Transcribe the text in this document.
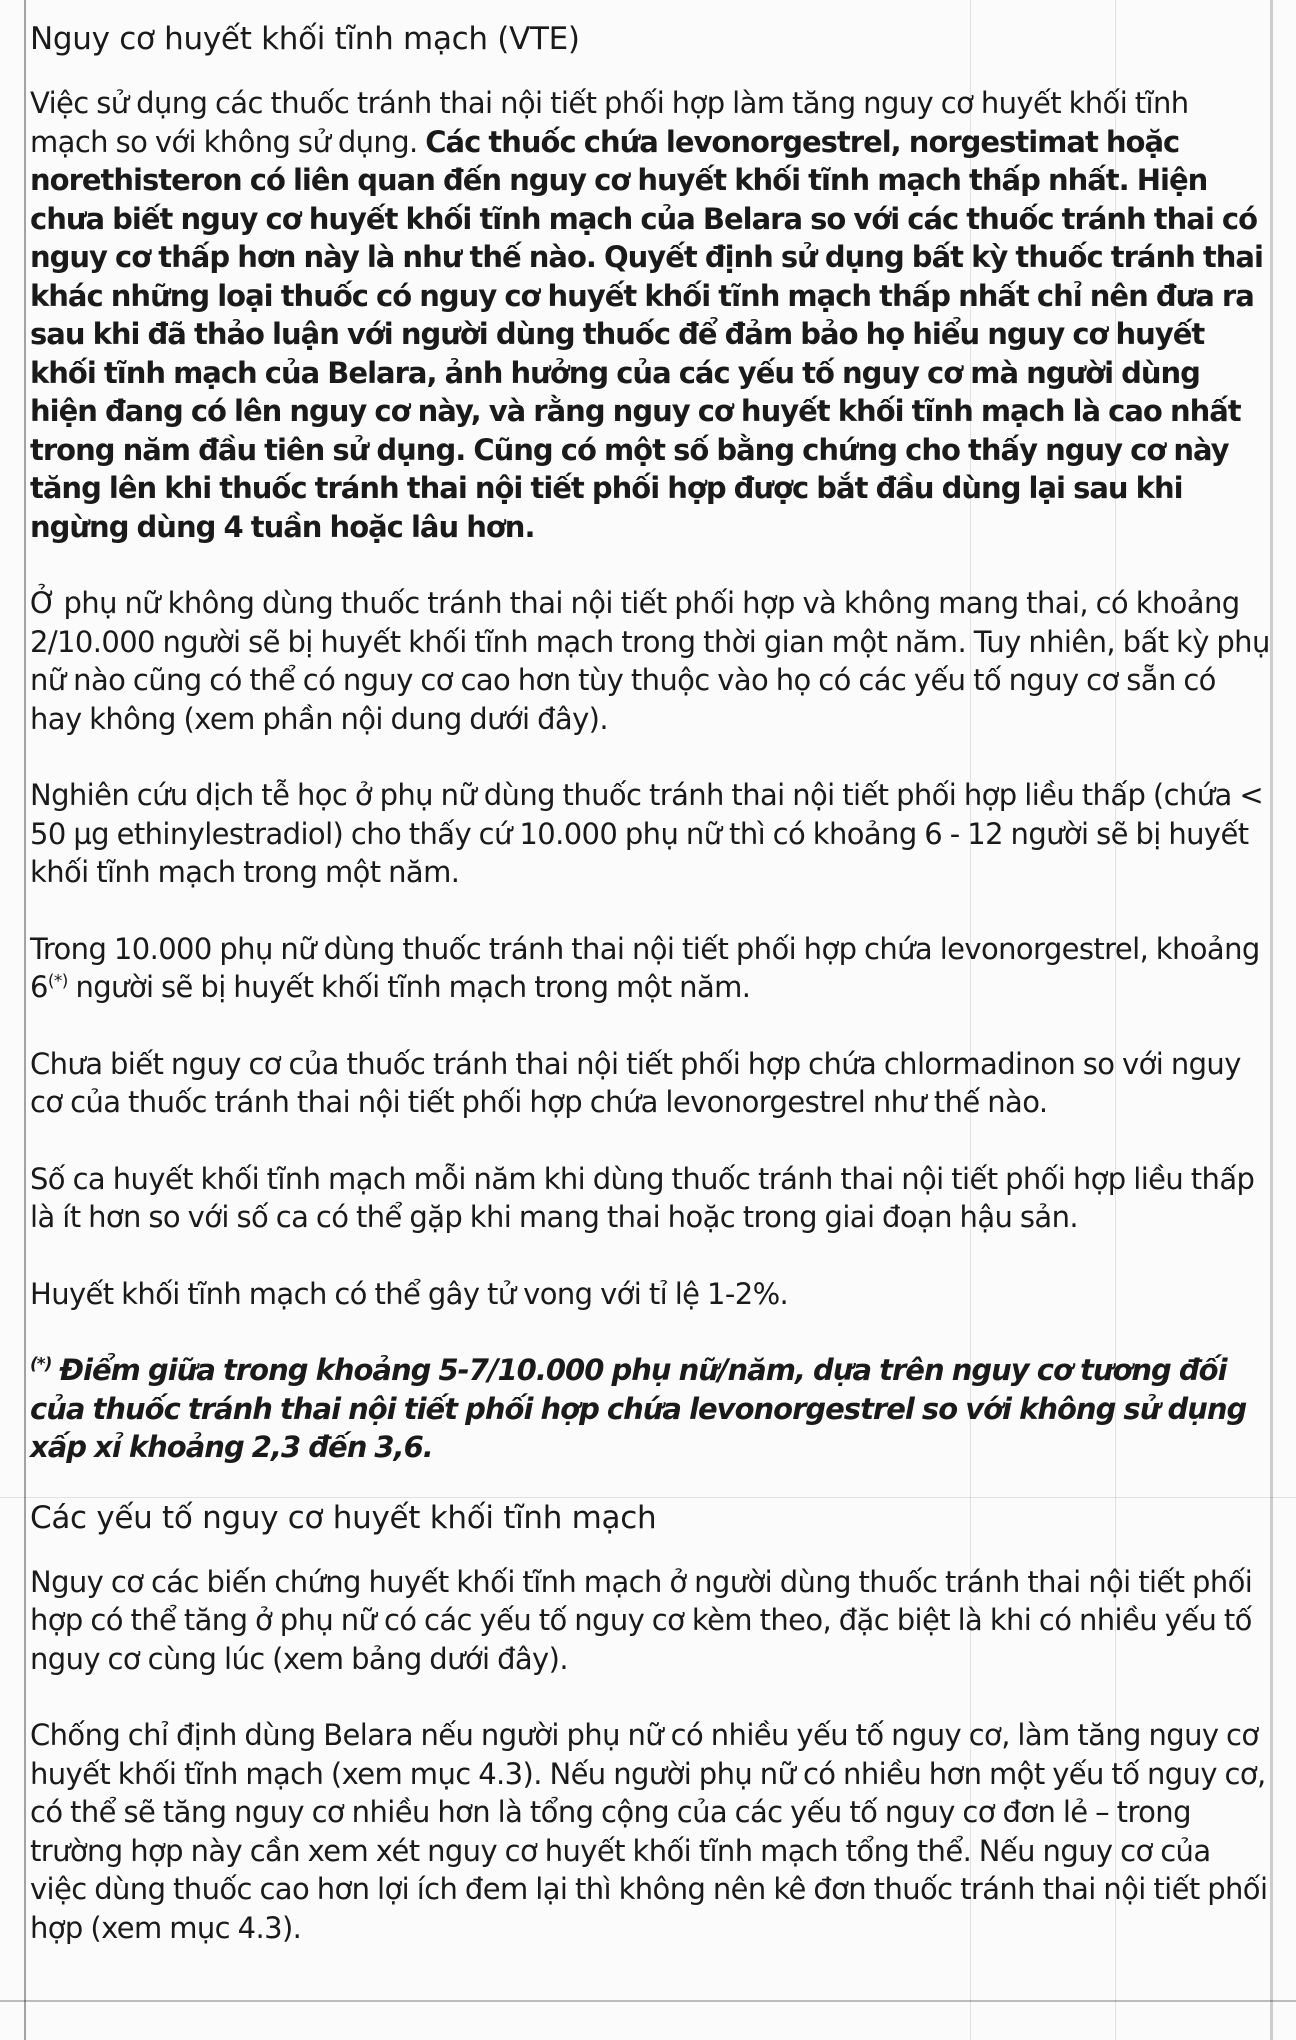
Nguy cơ huyết khối tĩnh mạch (VTE)
Việc sử dụng các thuốc tránh thai nội tiết phối hợp làm tăng nguy cơ huyết khối tĩnh mạch so với không sử dụng. Các thuốc chứa levonorgestrel, norgestimat hoặc norethisteron có liên quan đến nguy cơ huyết khối tĩnh mạch thấp nhất. Hiện chưa biết nguy cơ huyết khối tĩnh mạch của Belara so với các thuốc tránh thai có nguy cơ thấp hơn này là như thế nào. Quyết định sử dụng bất kỳ thuốc tránh thai khác những loại thuốc có nguy cơ huyết khối tĩnh mạch thấp nhất chỉ nên đưa ra sau khi đã thảo luận với người dùng thuốc để đảm bảo họ hiểu nguy cơ huyết khối tĩnh mạch của Belara, ảnh hưởng của các yếu tố nguy cơ mà người dùng hiện đang có lên nguy cơ này, và rằng nguy cơ huyết khối tĩnh mạch là cao nhất trong năm đầu tiên sử dụng. Cũng có một số bằng chứng cho thấy nguy cơ này tăng lên khi thuốc tránh thai nội tiết phối hợp được bắt đầu dùng lại sau khi ngừng dùng 4 tuần hoặc lâu hơn.
Ở phụ nữ không dùng thuốc tránh thai nội tiết phối hợp và không mang thai, có khoảng 2/10.000 người sẽ bị huyết khối tĩnh mạch trong thời gian một năm. Tuy nhiên, bất kỳ phụ nữ nào cũng có thể có nguy cơ cao hơn tùy thuộc vào họ có các yếu tố nguy cơ sẵn có hay không (xem phần nội dung dưới đây).
Nghiên cứu dịch tễ học ở phụ nữ dùng thuốc tránh thai nội tiết phối hợp liều thấp (chứa < 50 µg ethinylestradiol) cho thấy cứ 10.000 phụ nữ thì có khoảng 6 - 12 người sẽ bị huyết khối tĩnh mạch trong một năm.
Trong 10.000 phụ nữ dùng thuốc tránh thai nội tiết phối hợp chứa levonorgestrel, khoảng 6(*) người sẽ bị huyết khối tĩnh mạch trong một năm.
Chưa biết nguy cơ của thuốc tránh thai nội tiết phối hợp chứa chlormadinon so với nguy cơ của thuốc tránh thai nội tiết phối hợp chứa levonorgestrel như thế nào.
Số ca huyết khối tĩnh mạch mỗi năm khi dùng thuốc tránh thai nội tiết phối hợp liều thấp là ít hơn so với số ca có thể gặp khi mang thai hoặc trong giai đoạn hậu sản.
Huyết khối tĩnh mạch có thể gây tử vong với tỉ lệ 1-2%.
(*) Điểm giữa trong khoảng 5-7/10.000 phụ nữ/năm, dựa trên nguy cơ tương đối của thuốc tránh thai nội tiết phối hợp chứa levonorgestrel so với không sử dụng xấp xỉ khoảng 2,3 đến 3,6.
Các yếu tố nguy cơ huyết khối tĩnh mạch
Nguy cơ các biến chứng huyết khối tĩnh mạch ở người dùng thuốc tránh thai nội tiết phối hợp có thể tăng ở phụ nữ có các yếu tố nguy cơ kèm theo, đặc biệt là khi có nhiều yếu tố nguy cơ cùng lúc (xem bảng dưới đây).
Chống chỉ định dùng Belara nếu người phụ nữ có nhiều yếu tố nguy cơ, làm tăng nguy cơ huyết khối tĩnh mạch (xem mục 4.3). Nếu người phụ nữ có nhiều hơn một yếu tố nguy cơ, có thể sẽ tăng nguy cơ nhiều hơn là tổng cộng của các yếu tố nguy cơ đơn lẻ – trong trường hợp này cần xem xét nguy cơ huyết khối tĩnh mạch tổng thể. Nếu nguy cơ của việc dùng thuốc cao hơn lợi ích đem lại thì không nên kê đơn thuốc tránh thai nội tiết phối hợp (xem mục 4.3).
